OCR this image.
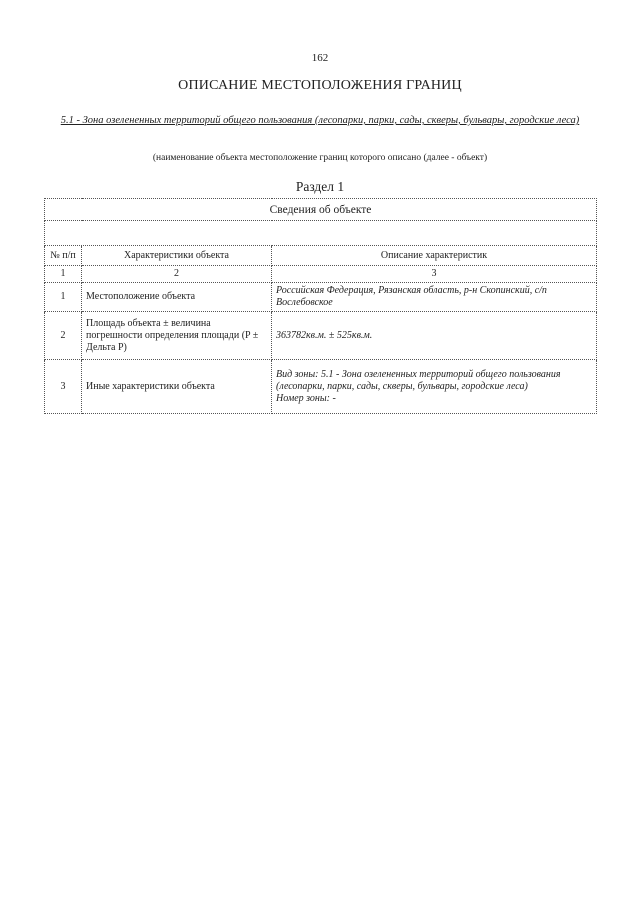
162
ОПИСАНИЕ МЕСТОПОЛОЖЕНИЯ ГРАНИЦ
5.1 - Зона озелененных территорий общего пользования (лесопарки, парки, сады, скверы, бульвары, городские леса)
(наименование объекта местоположение границ которого описано (далее - объект)
Раздел 1
Сведения об объекте		

№ п/п	Характеристики объекта	Описание характеристик
1	2	3
1	Местоположение объекта	Российская Федерация, Рязанская область, р-н Скопинский, с/п Вослебовское
2	Площадь объекта ± величина погрешности определения площади (P ± Дельта P)	363782кв.м. ± 525кв.м.
3	Иные характеристики объекта	Вид зоны: 5.1 - Зона озелененных территорий общего пользования (лесопарки, парки, сады, скверы, бульвары, городские леса)
Номер зоны: -
